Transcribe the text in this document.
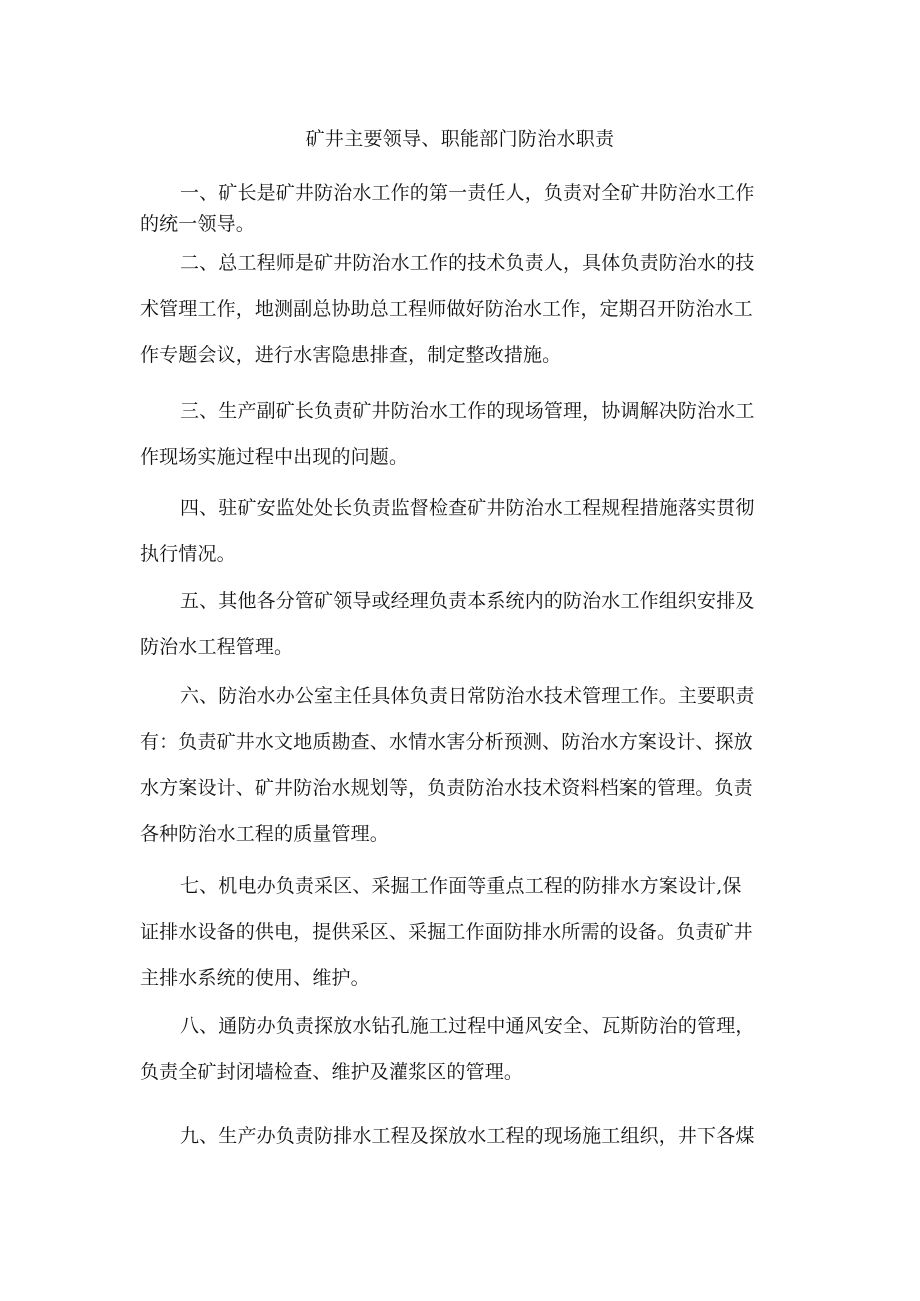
矿井主要领导、职能部门防治水职责
一、矿长是矿井防治水工作的第一责任人，负责对全矿井防治水工作
的统一领导。
二、总工程师是矿井防治水工作的技术负责人，具体负责防治水的技
术管理工作，地测副总协助总工程师做好防治水工作，定期召开防治水工
作专题会议，进行水害隐患排查，制定整改措施。
三、生产副矿长负责矿井防治水工作的现场管理，协调解决防治水工
作现场实施过程中出现的问题。
四、驻矿安监处处长负责监督检查矿井防治水工程规程措施落实贯彻
执行情况。
五、其他各分管矿领导或经理负责本系统内的防治水工作组织安排及
防治水工程管理。
六、防治水办公室主任具体负责日常防治水技术管理工作。主要职责
有：负责矿井水文地质勘查、水情水害分析预测、防治水方案设计、探放
水方案设计、矿井防治水规划等，负责防治水技术资料档案的管理。负责
各种防治水工程的质量管理。
七、机电办负责采区、采掘工作面等重点工程的防排水方案设计,保
证排水设备的供电，提供采区、采掘工作面防排水所需的设备。负责矿井
主排水系统的使用、维护。
八、通防办负责探放水钻孔施工过程中通风安全、瓦斯防治的管理，
负责全矿封闭墙检查、维护及灌浆区的管理。
九、生产办负责防排水工程及探放水工程的现场施工组织，井下各煤
